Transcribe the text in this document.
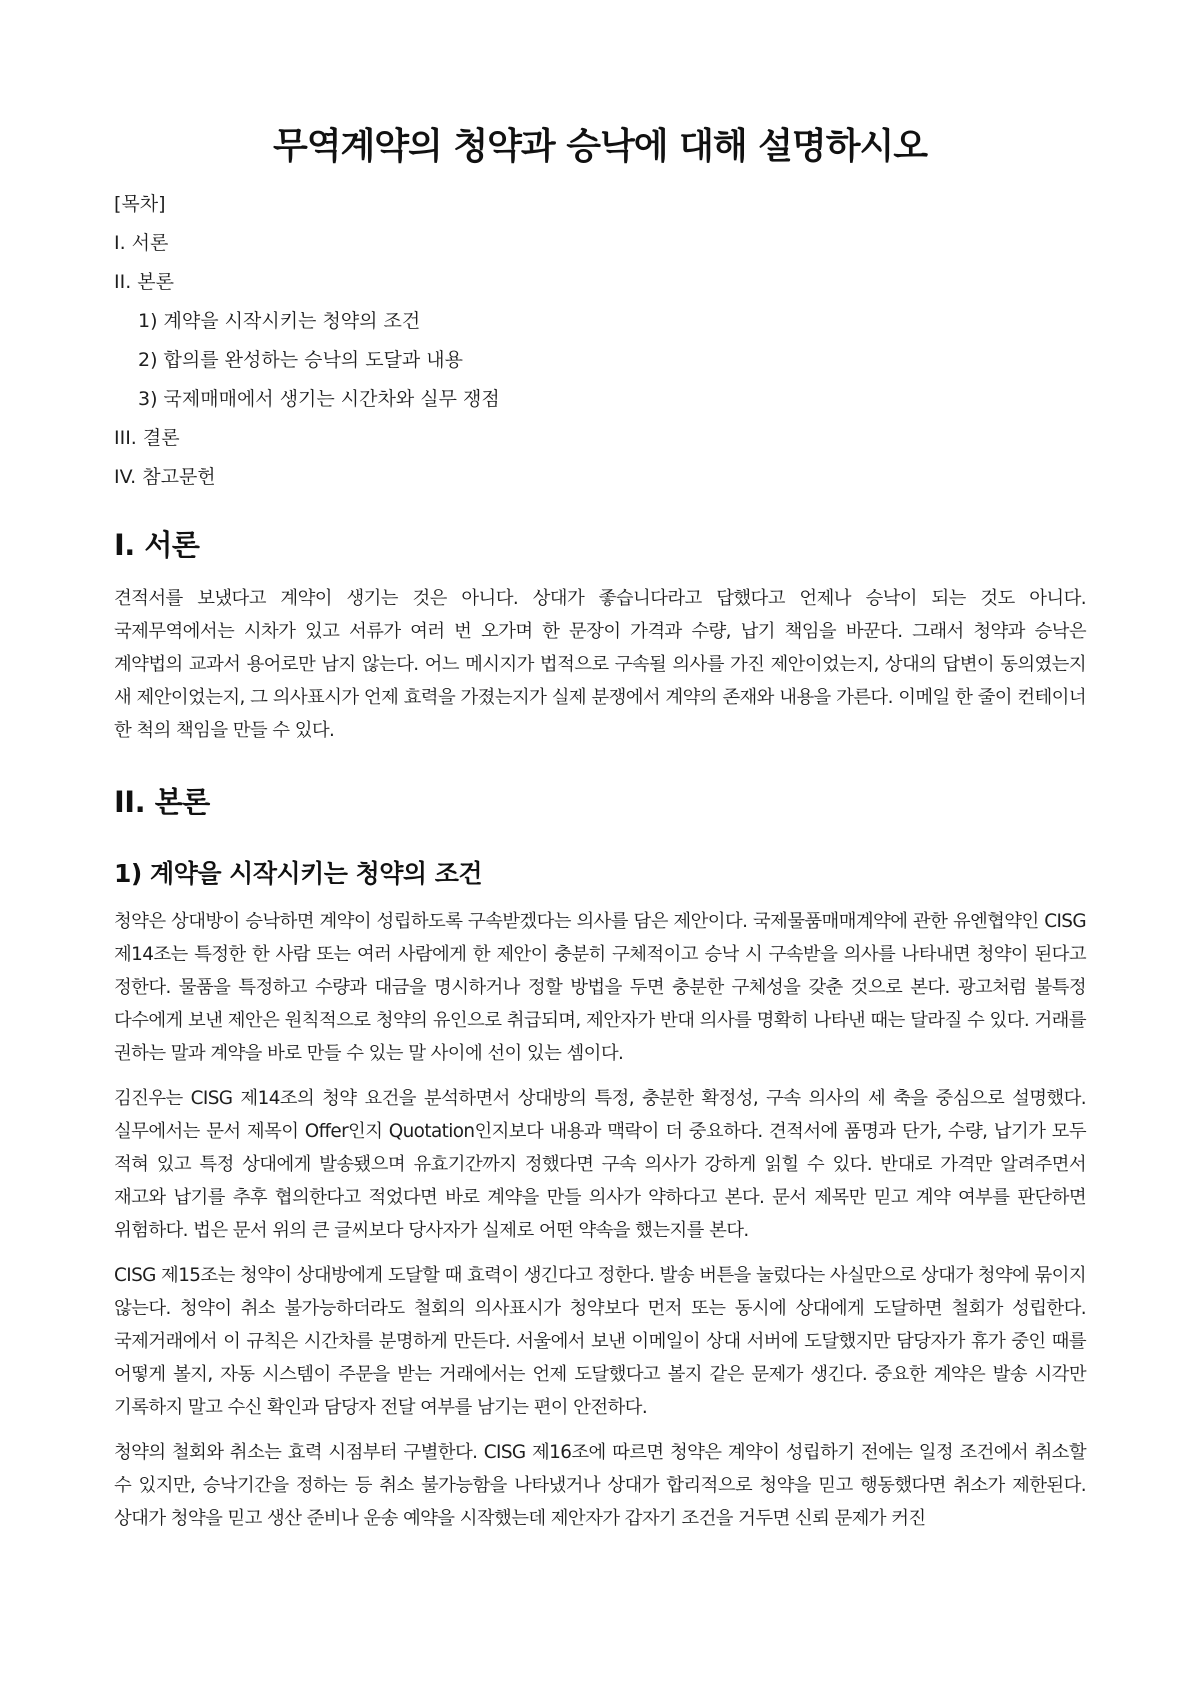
무역계약의 청약과 승낙에 대해 설명하시오
[목차]
I. 서론
II. 본론
1) 계약을 시작시키는 청약의 조건
2) 합의를 완성하는 승낙의 도달과 내용
3) 국제매매에서 생기는 시간차와 실무 쟁점
III. 결론
IV. 참고문헌
I. 서론

견적서를 보냈다고 계약이 생기는 것은 아니다. 상대가 좋습니다라고 답했다고 언제나 승낙이 되는 것도 아니다. 국제무역에서는 시차가 있고 서류가 여러 번 오가며 한 문장이 가격과 수량, 납기 책임을 바꾼다. 그래서 청약과 승낙은 계약법의 교과서 용어로만 남지 않는다. 어느 메시지가 법적으로 구속될 의사를 가진 제안이었는지, 상대의 답변이 동의였는지 새 제안이었는지, 그 의사표시가 언제 효력을 가졌는지가 실제 분쟁에서 계약의 존재와 내용을 가른다. 이메일 한 줄이 컨테이너 한 척의 책임을 만들 수 있다.

II. 본론
1) 계약을 시작시키는 청약의 조건

청약은 상대방이 승낙하면 계약이 성립하도록 구속받겠다는 의사를 담은 제안이다. 국제물품매매계약에 관한 유엔협약인 CISG 제14조는 특정한 한 사람 또는 여러 사람에게 한 제안이 충분히 구체적이고 승낙 시 구속받을 의사를 나타내면 청약이 된다고 정한다. 물품을 특정하고 수량과 대금을 명시하거나 정할 방법을 두면 충분한 구체성을 갖춘 것으로 본다. 광고처럼 불특정 다수에게 보낸 제안은 원칙적으로 청약의 유인으로 취급되며, 제안자가 반대 의사를 명확히 나타낸 때는 달라질 수 있다. 거래를 권하는 말과 계약을 바로 만들 수 있는 말 사이에 선이 있는 셈이다.

김진우는 CISG 제14조의 청약 요건을 분석하면서 상대방의 특정, 충분한 확정성, 구속 의사의 세 축을 중심으로 설명했다. 실무에서는 문서 제목이 Offer인지 Quotation인지보다 내용과 맥락이 더 중요하다. 견적서에 품명과 단가, 수량, 납기가 모두 적혀 있고 특정 상대에게 발송됐으며 유효기간까지 정했다면 구속 의사가 강하게 읽힐 수 있다. 반대로 가격만 알려주면서 재고와 납기를 추후 협의한다고 적었다면 바로 계약을 만들 의사가 약하다고 본다. 문서 제목만 믿고 계약 여부를 판단하면 위험하다. 법은 문서 위의 큰 글씨보다 당사자가 실제로 어떤 약속을 했는지를 본다.

CISG 제15조는 청약이 상대방에게 도달할 때 효력이 생긴다고 정한다. 발송 버튼을 눌렀다는 사실만으로 상대가 청약에 묶이지 않는다. 청약이 취소 불가능하더라도 철회의 의사표시가 청약보다 먼저 또는 동시에 상대에게 도달하면 철회가 성립한다. 국제거래에서 이 규칙은 시간차를 분명하게 만든다. 서울에서 보낸 이메일이 상대 서버에 도달했지만 담당자가 휴가 중인 때를 어떻게 볼지, 자동 시스템이 주문을 받는 거래에서는 언제 도달했다고 볼지 같은 문제가 생긴다. 중요한 계약은 발송 시각만 기록하지 말고 수신 확인과 담당자 전달 여부를 남기는 편이 안전하다.

청약의 철회와 취소는 효력 시점부터 구별한다. CISG 제16조에 따르면 청약은 계약이 성립하기 전에는 일정 조건에서 취소할 수 있지만, 승낙기간을 정하는 등 취소 불가능함을 나타냈거나 상대가 합리적으로 청약을 믿고 행동했다면 취소가 제한된다. 상대가 청약을 믿고 생산 준비나 운송 예약을 시작했는데 제안자가 갑자기 조건을 거두면 신뢰 문제가 커진
